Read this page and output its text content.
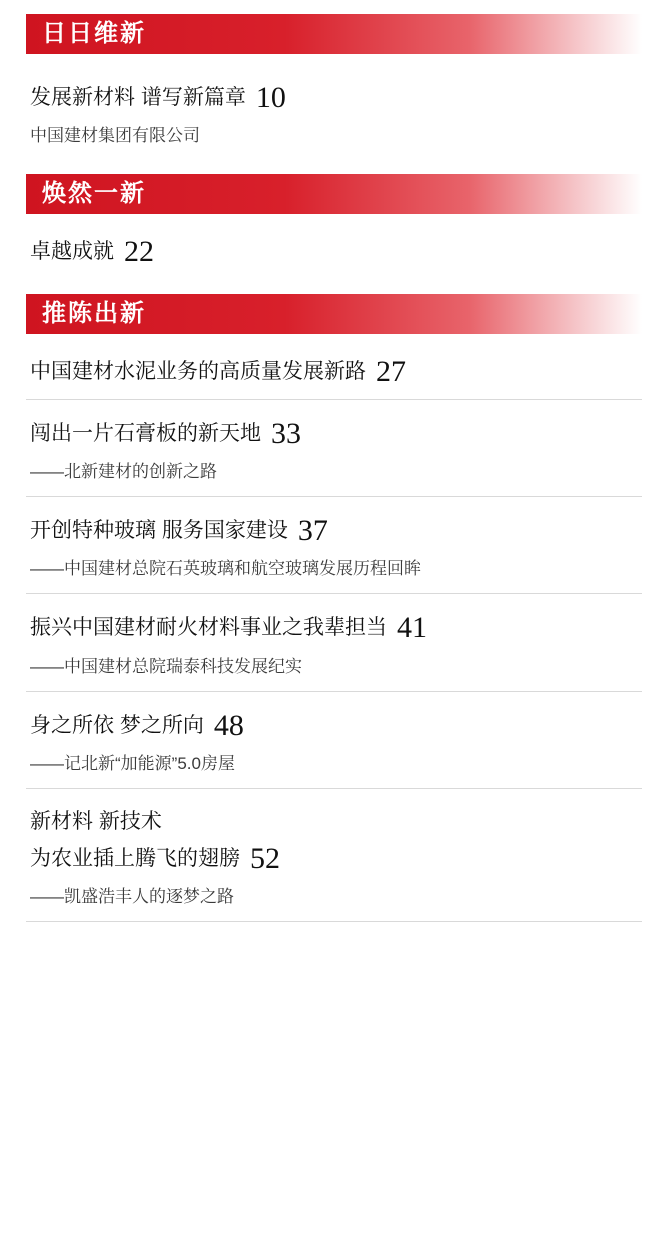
日日维新
发展新材料 谱写新篇章 10
中国建材集团有限公司
焕然一新
卓越成就 22
推陈出新
中国建材水泥业务的高质量发展新路 27
闯出一片石膏板的新天地 33
——北新建材的创新之路
开创特种玻璃 服务国家建设 37
——中国建材总院石英玻璃和航空玻璃发展历程回眸
振兴中国建材耐火材料事业之我辈担当 41
——中国建材总院瑞泰科技发展纪实
身之所依 梦之所向 48
——记北新“加能源”5.0房屋
新材料 新技术
为农业插上腾飞的翅膀 52
——凯盛浩丰人的逐梦之路
